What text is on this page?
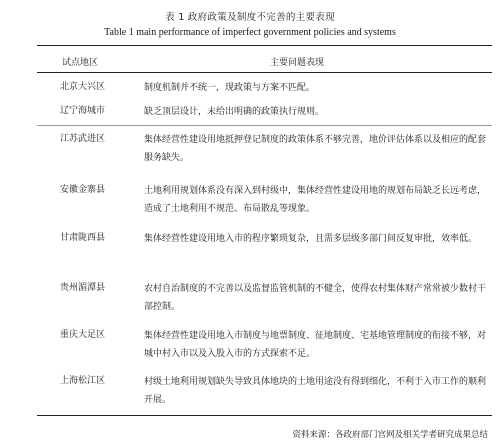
表 1 政府政策及制度不完善的主要表现
Table 1 main performance of imperfect government policies and systems
试点地区	主要问题表现
北京大兴区	制度机制并不统一，现政策与方案不匹配。
辽宁海城市	缺乏顶层设计，未给出明确的政策执行规则。
江苏武进区	集体经营性建设用地抵押登记制度的政策体系不够完善，地价评估体系以及相应的配套服务缺失。
安徽金寨县	土地利用规划体系没有深入到村级中，集体经营性建设用地的规划布局缺乏长远考虑，造成了土地利用不规范、布局散乱等现象。
甘肃陇西县	集体经营性建设用地入市的程序繁琐复杂，且需多层级多部门间反复审批，效率低。
贵州湄潭县	农村自治制度的不完善以及监督监管机制的不健全，使得农村集体财产常常被少数村干部控制。
重庆大足区	集体经营性建设用地入市制度与地票制度、征地制度、宅基地管理制度的衔接不够，对城中村入市以及入股入市的方式探索不足。
上海松江区	村级土地利用规划缺失导致具体地块的土地用途没有得到细化，不利于入市工作的顺利开展。
资料来源：各政府部门官网及相关学者研究成果总结
